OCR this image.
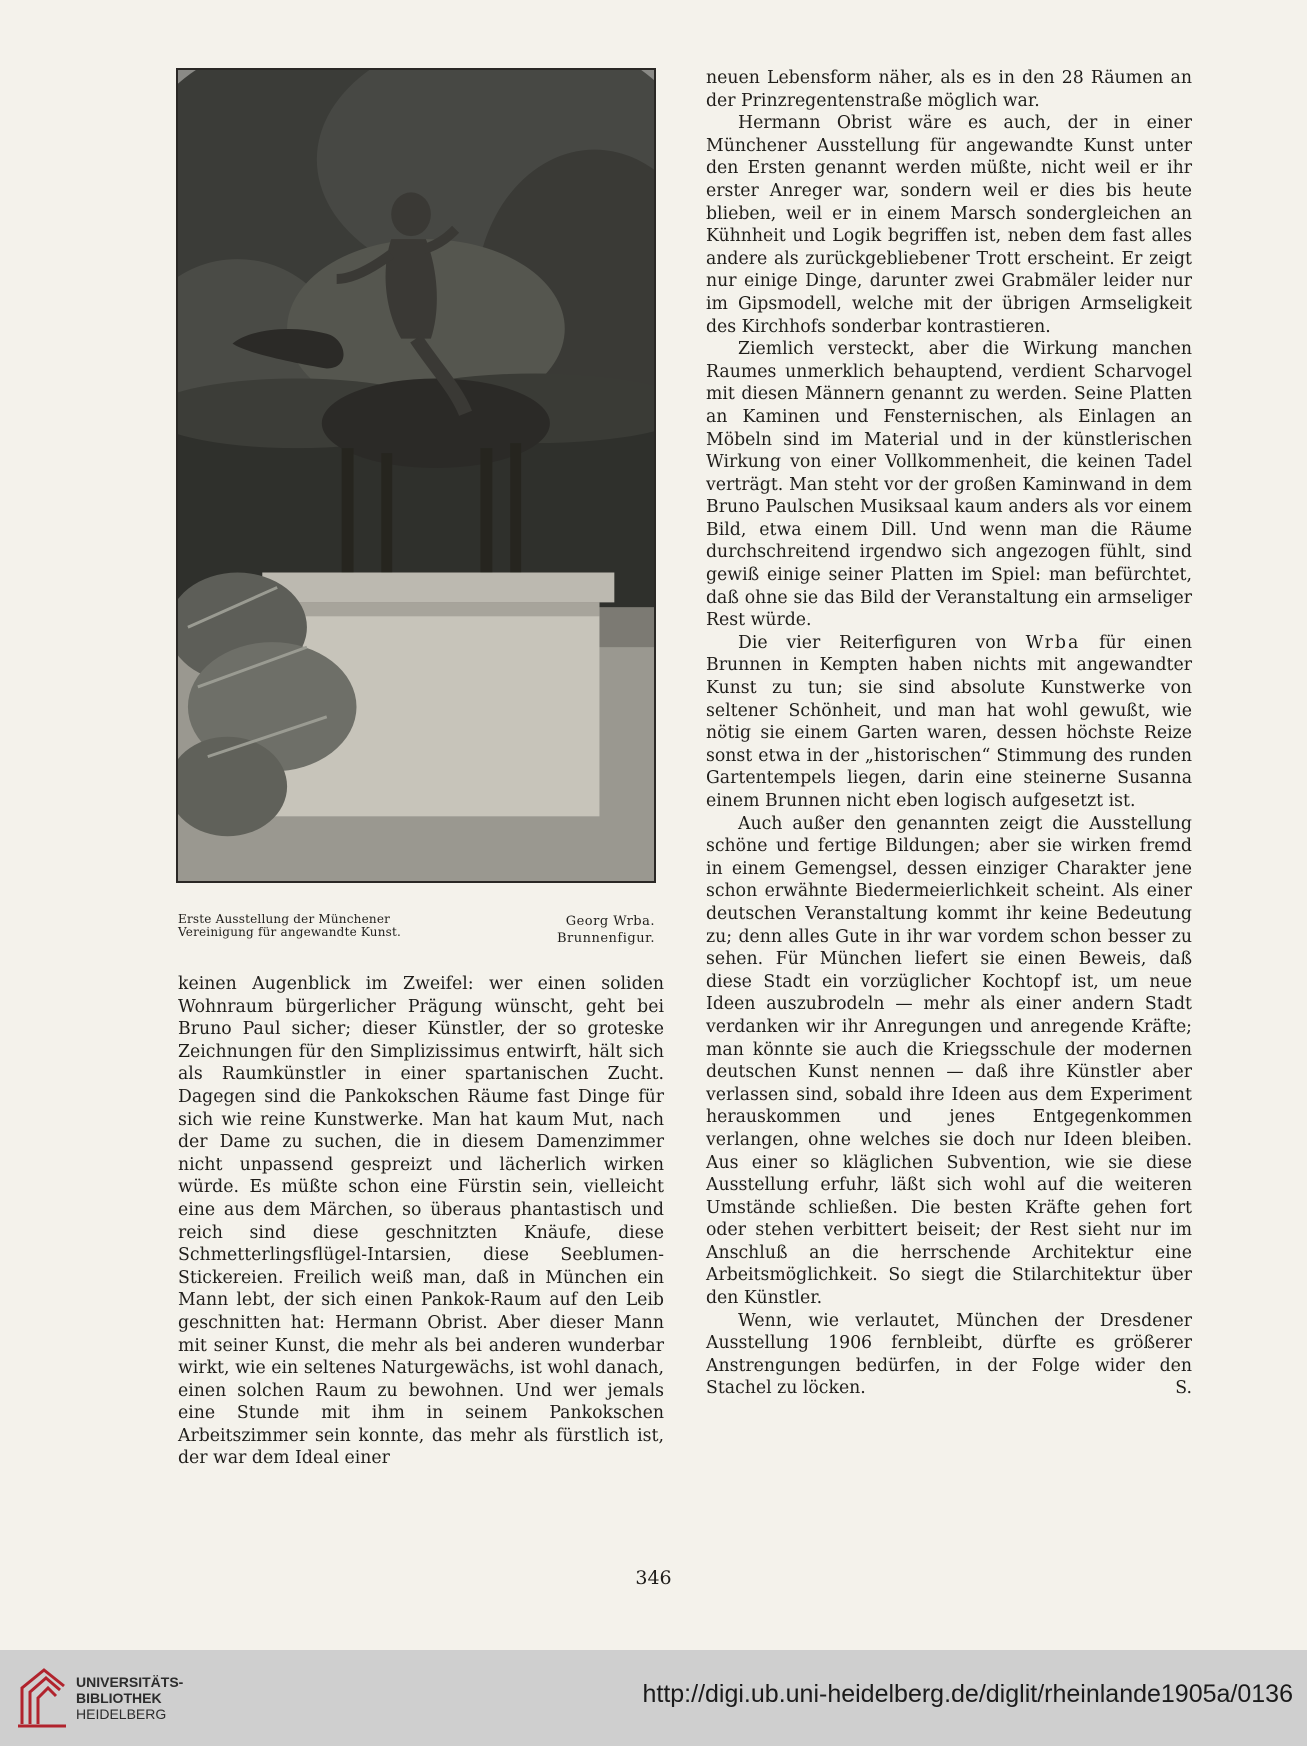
Erste Ausstellung der Münchener
Vereinigung für angewandte Kunst.
Georg Wrba.
Brunnenfigur.

keinen Augenblick im Zweifel: wer einen soliden Wohnraum bürgerlicher Prägung wünscht, geht bei Bruno Paul sicher; dieser Künstler, der so groteske Zeichnungen für den Simplizissimus entwirft, hält sich als Raumkünstler in einer spartanischen Zucht. Dagegen sind die Pankokschen Räume fast Dinge für sich wie reine Kunstwerke. Man hat kaum Mut, nach der Dame zu suchen, die in diesem Damenzimmer nicht unpassend gespreizt und lächerlich wirken würde. Es müßte schon eine Fürstin sein, vielleicht eine aus dem Märchen, so überaus phantastisch und reich sind diese geschnitzten Knäufe, diese Schmetterlingsflügel-Intarsien, diese Seeblumen-Stickereien. Freilich weiß man, daß in München ein Mann lebt, der sich einen Pankok-Raum auf den Leib geschnitten hat: Hermann Obrist. Aber dieser Mann mit seiner Kunst, die mehr als bei anderen wunderbar wirkt, wie ein seltenes Naturgewächs, ist wohl danach, einen solchen Raum zu bewohnen. Und wer jemals eine Stunde mit ihm in seinem Pankokschen Arbeitszimmer sein konnte, das mehr als fürstlich ist, der war dem Ideal einer

neuen Lebensform näher, als es in den 28 Räumen an der Prinzregentenstraße möglich war.

Hermann Obrist wäre es auch, der in einer Münchener Ausstellung für angewandte Kunst unter den Ersten genannt werden müßte, nicht weil er ihr erster Anreger war, sondern weil er dies bis heute blieben, weil er in einem Marsch sondergleichen an Kühnheit und Logik begriffen ist, neben dem fast alles andere als zurückgebliebener Trott erscheint. Er zeigt nur einige Dinge, darunter zwei Grabmäler leider nur im Gipsmodell, welche mit der übrigen Armseligkeit des Kirchhofs sonderbar kontrastieren.

Ziemlich versteckt, aber die Wirkung manchen Raumes unmerklich behauptend, verdient Scharvogel mit diesen Männern genannt zu werden. Seine Platten an Kaminen und Fensternischen, als Einlagen an Möbeln sind im Material und in der künstlerischen Wirkung von einer Vollkommenheit, die keinen Tadel verträgt. Man steht vor der großen Kaminwand in dem Bruno Paulschen Musiksaal kaum anders als vor einem Bild, etwa einem Dill. Und wenn man die Räume durchschreitend irgendwo sich angezogen fühlt, sind gewiß einige seiner Platten im Spiel: man befürchtet, daß ohne sie das Bild der Veranstaltung ein armseliger Rest würde.

Die vier Reiterfiguren von Wrba für einen Brunnen in Kempten haben nichts mit angewandter Kunst zu tun; sie sind absolute Kunstwerke von seltener Schönheit, und man hat wohl gewußt, wie nötig sie einem Garten waren, dessen höchste Reize sonst etwa in der „historischen“ Stimmung des runden Gartentempels liegen, darin eine steinerne Susanna einem Brunnen nicht eben logisch aufgesetzt ist.

Auch außer den genannten zeigt die Ausstellung schöne und fertige Bildungen; aber sie wirken fremd in einem Gemengsel, dessen einziger Charakter jene schon erwähnte Biedermeierlichkeit scheint. Als einer deutschen Veranstaltung kommt ihr keine Bedeutung zu; denn alles Gute in ihr war vordem schon besser zu sehen. Für München liefert sie einen Beweis, daß diese Stadt ein vorzüglicher Kochtopf ist, um neue Ideen auszubrodeln — mehr als einer andern Stadt verdanken wir ihr Anregungen und anregende Kräfte; man könnte sie auch die Kriegsschule der modernen deutschen Kunst nennen — daß ihre Künstler aber verlassen sind, sobald ihre Ideen aus dem Experiment herauskommen und jenes Entgegenkommen verlangen, ohne welches sie doch nur Ideen bleiben. Aus einer so kläglichen Subvention, wie sie diese Ausstellung erfuhr, läßt sich wohl auf die weiteren Umstände schließen. Die besten Kräfte gehen fort oder stehen verbittert beiseit; der Rest sieht nur im Anschluß an die herrschende Architektur eine Arbeitsmöglichkeit. So siegt die Stilarchitektur über den Künstler.

Wenn, wie verlautet, München der Dresdener Ausstellung 1906 fernbleibt, dürfte es größerer Anstrengungen bedürfen, in der Folge wider den Stachel zu löcken.	S.

346
UNIVERSITÄTS-
BIBLIOTHEK
HEIDELBERG
http://digi.ub.uni-heidelberg.de/diglit/rheinlande1905a/0136
